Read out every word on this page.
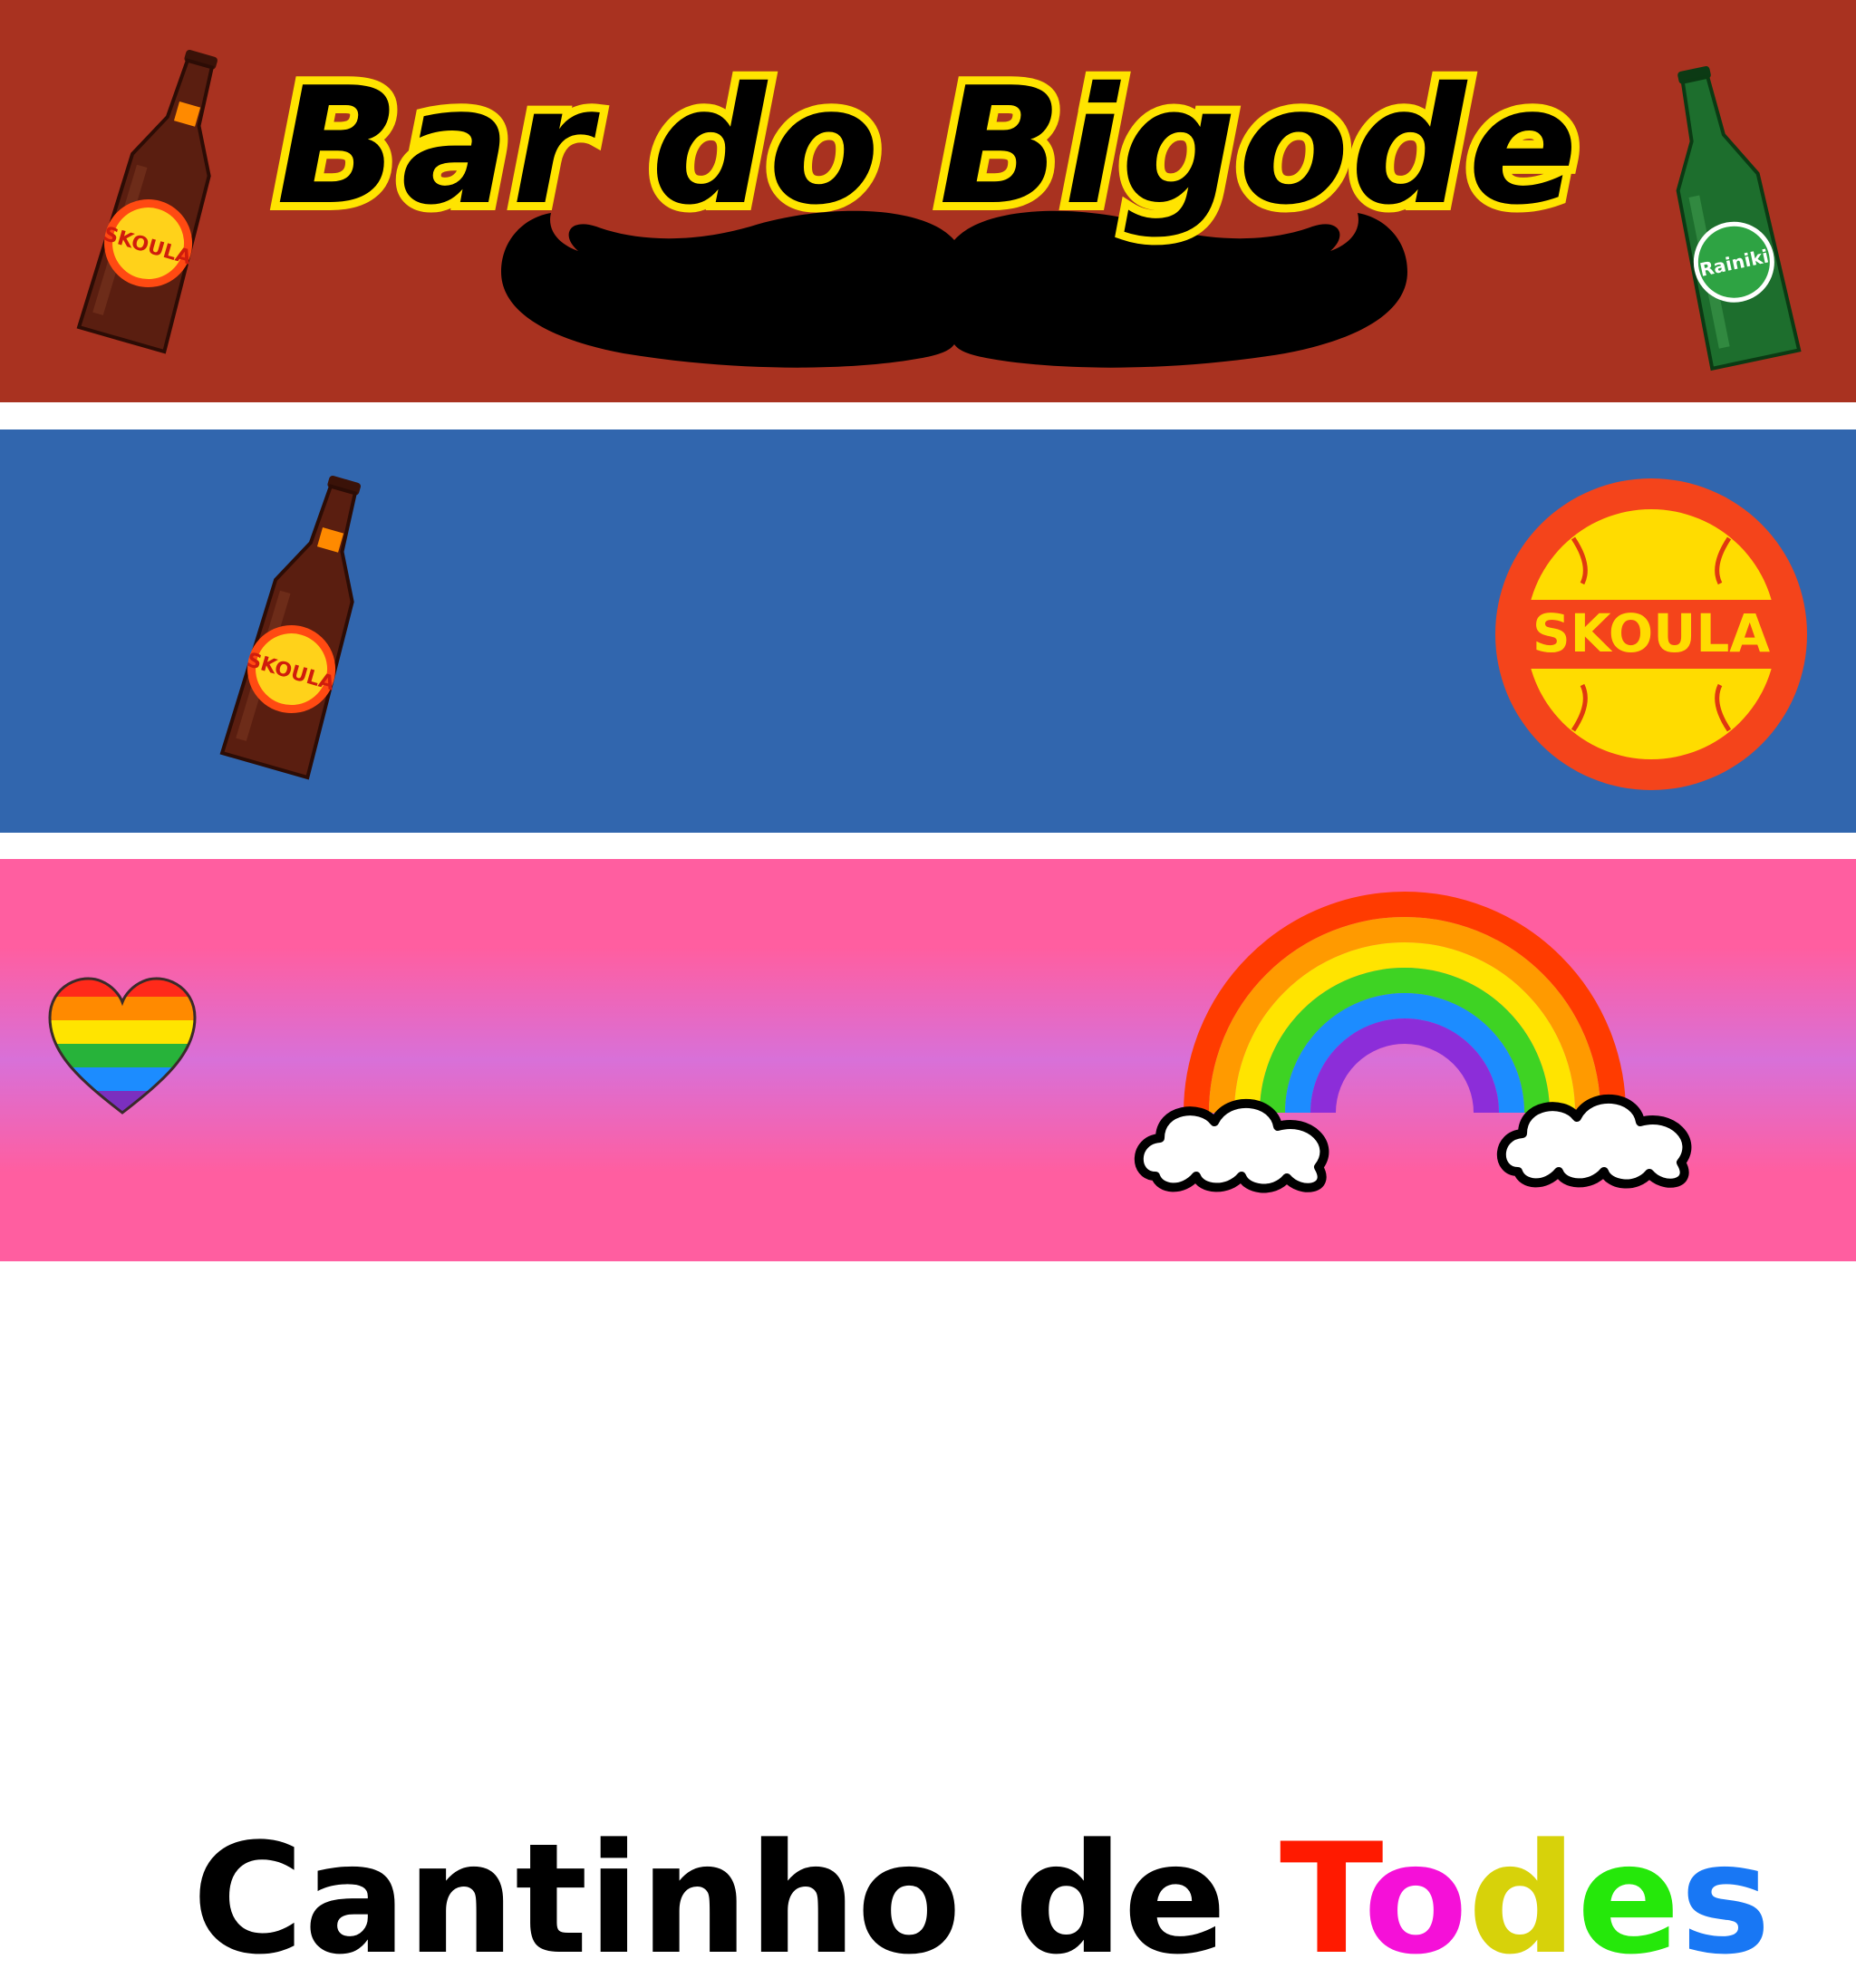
SKOULA	Rainiki
Bar do Bigode
SKOULA
SKOULA
Cantinho de Todes
